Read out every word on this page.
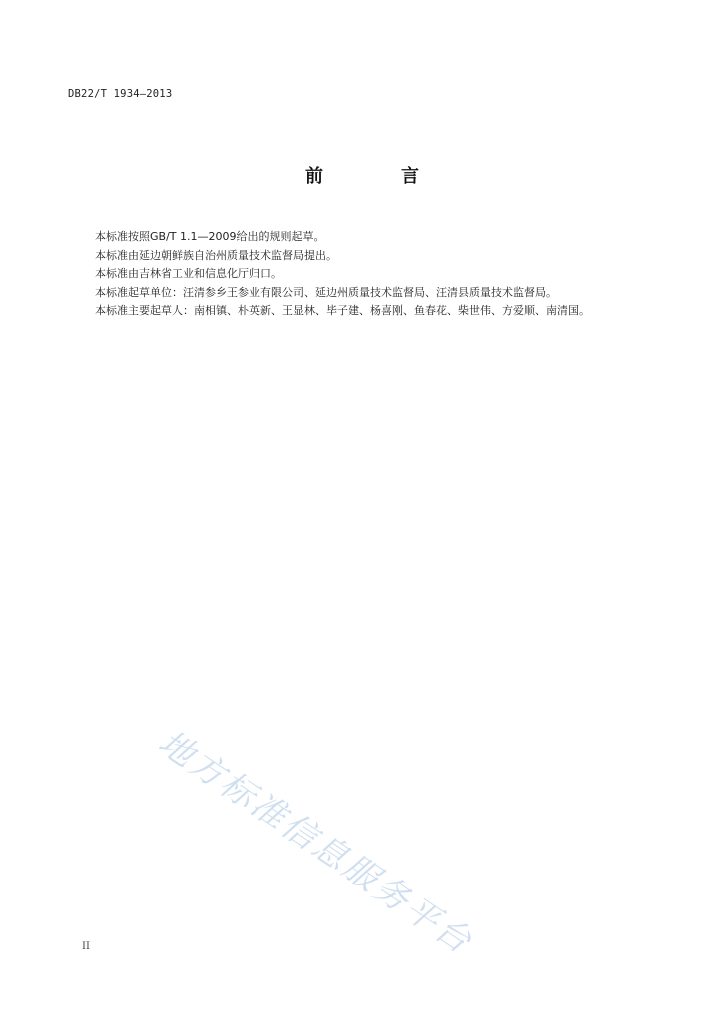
DB22/T 1934—2013
前　言

本标准按照GB/T 1.1—2009给出的规则起草。

本标准由延边朝鲜族自治州质量技术监督局提出。

本标准由吉林省工业和信息化厅归口。

本标准起草单位：汪清参乡王参业有限公司、延边州质量技术监督局、汪清县质量技术监督局。

本标准主要起草人：南相镇、朴英新、王显林、毕子建、杨喜刚、鱼春花、柴世伟、方爱顺、南清国。

地方标准信息服务平台
II
